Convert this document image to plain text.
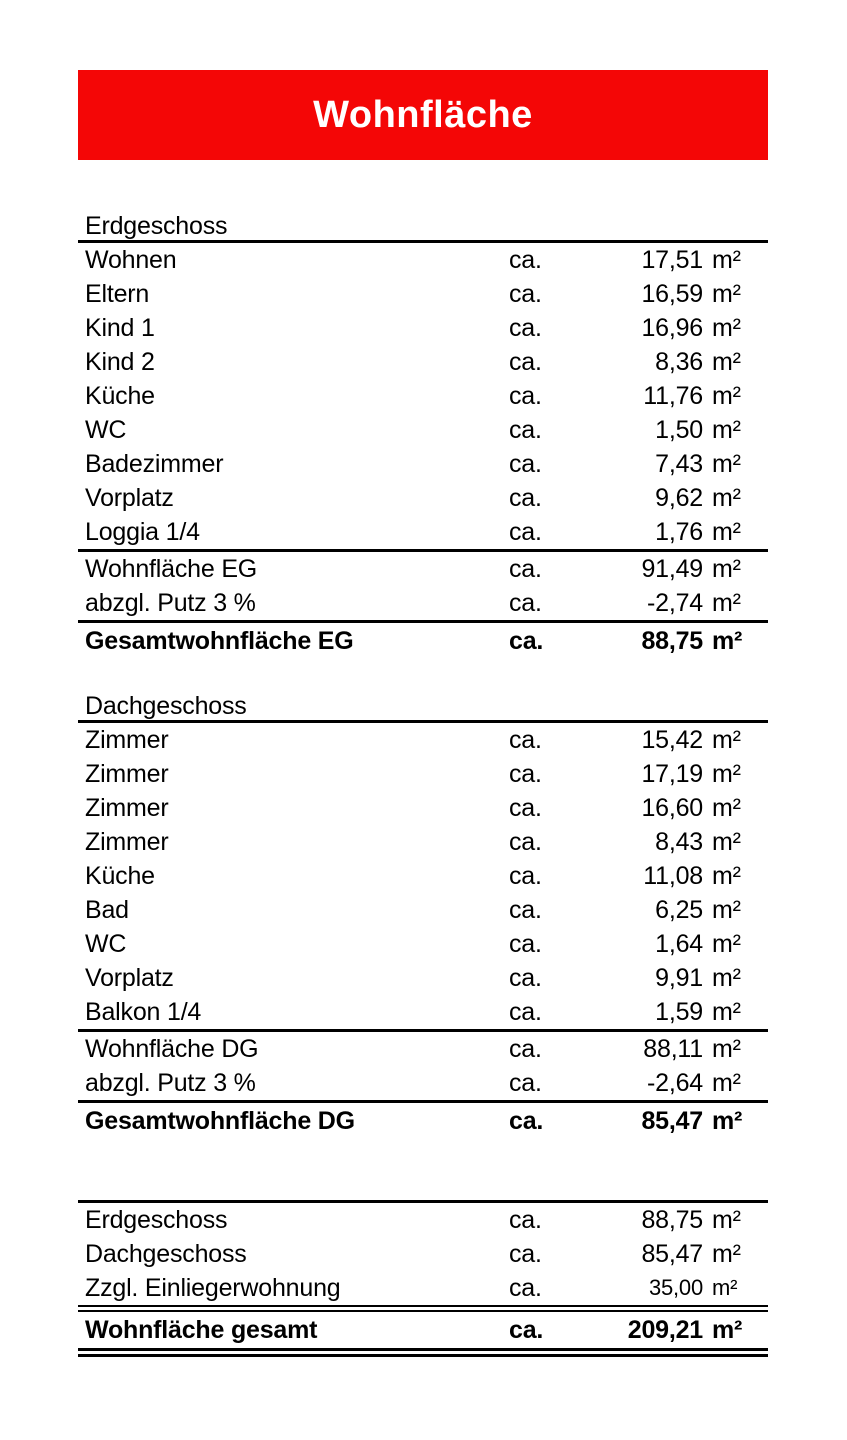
Wohnfläche
Erdgeschoss
Wohnen	ca.	17,51 m²
Eltern	ca.	16,59 m²
Kind 1	ca.	16,96 m²
Kind 2	ca.	8,36 m²
Küche	ca.	11,76 m²
WC	ca.	1,50 m²
Badezimmer	ca.	7,43 m²
Vorplatz	ca.	9,62 m²
Loggia 1/4	ca.	1,76 m²
Wohnfläche EG	ca.	91,49 m²
abzgl. Putz 3 %	ca.	-2,74 m²
Gesamtwohnfläche EG	ca.	88,75 m²
Dachgeschoss
Zimmer	ca.	15,42 m²
Zimmer	ca.	17,19 m²
Zimmer	ca.	16,60 m²
Zimmer	ca.	8,43 m²
Küche	ca.	11,08 m²
Bad	ca.	6,25 m²
WC	ca.	1,64 m²
Vorplatz	ca.	9,91 m²
Balkon 1/4	ca.	1,59 m²
Wohnfläche DG	ca.	88,11 m²
abzgl. Putz 3 %	ca.	-2,64 m²
Gesamtwohnfläche DG	ca.	85,47 m²
Erdgeschoss	ca.	88,75 m²
Dachgeschoss	ca.	85,47 m²
Zzgl. Einliegerwohnung	ca.	35,00 m²
Wohnfläche gesamt	ca.	209,21 m²
